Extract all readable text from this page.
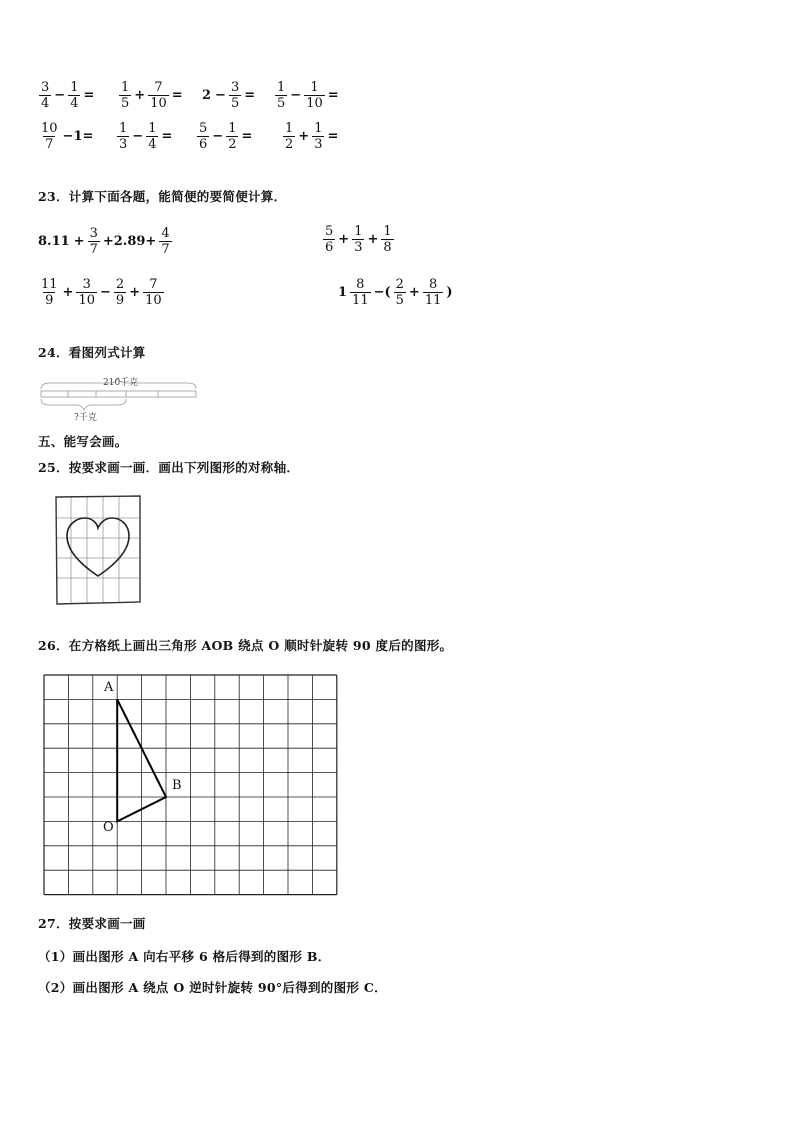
$\frac{3}{4} - \frac{1}{4} = \frac{1}{5} + \frac{7}{10} = 2 - \frac{3}{5} = \frac{1}{5} - \frac{1}{10}$ =
$\frac{10}{7} -1= \frac{1}{3} - \frac{1}{4} = \frac{5}{6} - \frac{1}{2} = \frac{1}{2} + \frac{1}{3}$ =
23．计算下面各题，能简便的要简便计算．
$8.11 + \frac{3}{7} +2.89+ \frac{4}{7}$	$\frac{5}{6} + \frac{1}{3} + \frac{1}{8}$
$\frac{11}{9} + \frac{3}{10} - \frac{2}{9} + \frac{7}{10}$	$1 \frac{8}{11}$ −( $\frac{2}{5} + \frac{8}{11}$ )
24．看图列式计算
210千克
?千克
五、能写会画。
25．按要求画一画．画出下列图形的对称轴．
26．在方格纸上画出三角形 AOB 绕点 O 顺时针旋转 90 度后的图形。
A
B
O
27．按要求画一画
（1）画出图形 A 向右平移 6 格后得到的图形 B．
（2）画出图形 A 绕点 O 逆时针旋转 90°后得到的图形 C．
